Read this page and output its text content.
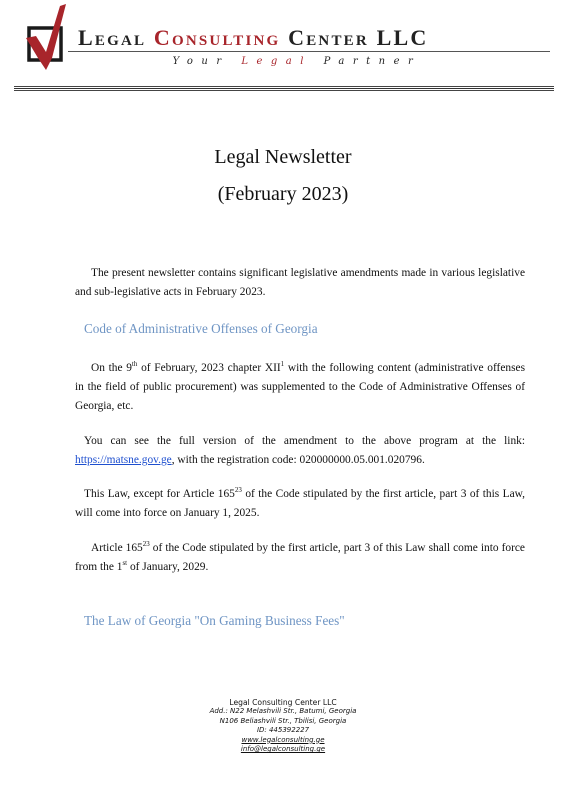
Legal Consulting Center LLC
Your Legal Partner
Legal Newsletter
(February 2023)
The present newsletter contains significant legislative amendments made in various legislative and sub-legislative acts in February 2023.
Code of Administrative Offenses of Georgia
On the 9th of February, 2023 chapter XII$^1$ with the following content (administrative offenses in the field of public procurement) was supplemented to the Code of Administrative Offenses of Georgia, etc.
You can see the full version of the amendment to the above program at the link: https://matsne.gov.ge, with the registration code: 020000000.05.001.020796.
This Law, except for Article $165^{23}$ of the Code stipulated by the first article, part 3 of this Law, will come into force on January 1, 2025.
Article $165^{23}$ of the Code stipulated by the first article, part 3 of this Law shall come into force from the 1st of January, 2029.
The Law of Georgia "On Gaming Business Fees"
Legal Consulting Center LLC
Add.: N22 Melashvili Str., Batumi, Georgia
N106 Beliashvili Str., Tbilisi, Georgia
ID: 445392227
www.legalconsulting.ge
info@legalconsulting.ge
